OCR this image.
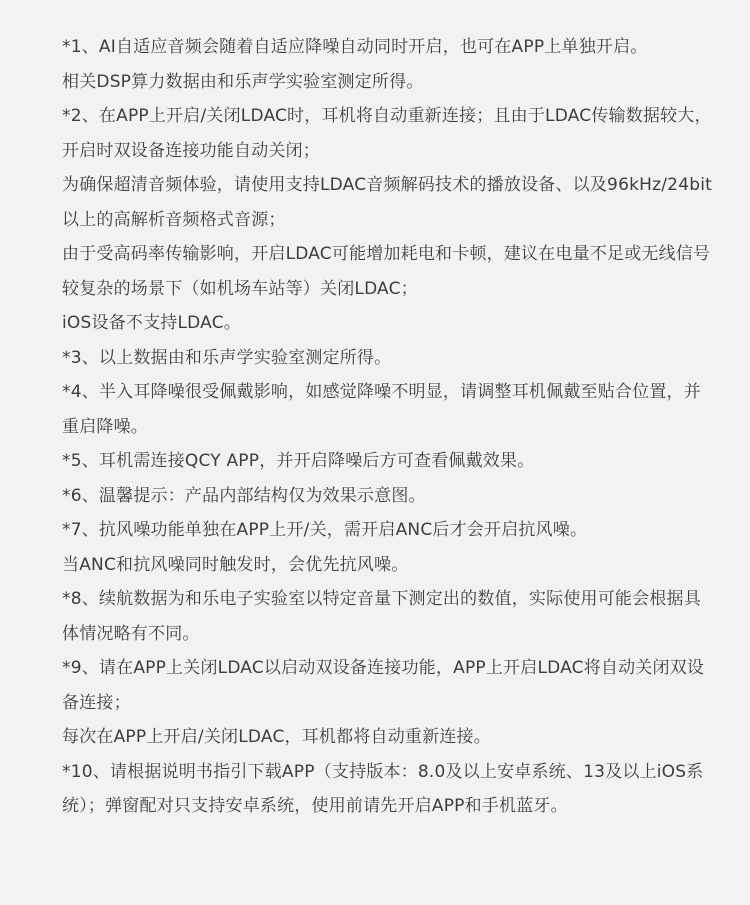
*1、AI自适应音频会随着自适应降噪自动同时开启，也可在APP上单独开启。

相关DSP算力数据由和乐声学实验室测定所得。

*2、在APP上开启/关闭LDAC时，耳机将自动重新连接；且由于LDAC传输数据较大，开启时双设备连接功能自动关闭；

为确保超清音频体验，请使用支持LDAC音频解码技术的播放设备、以及96kHz/24bit以上的高解析音频格式音源；

由于受高码率传输影响，开启LDAC可能增加耗电和卡顿，建议在电量不足或无线信号较复杂的场景下（如机场车站等）关闭LDAC；

iOS设备不支持LDAC。

*3、以上数据由和乐声学实验室测定所得。

*4、半入耳降噪很受佩戴影响，如感觉降噪不明显，请调整耳机佩戴至贴合位置，并重启降噪。

*5、耳机需连接QCY APP，并开启降噪后方可查看佩戴效果。

*6、温馨提示：产品内部结构仅为效果示意图。

*7、抗风噪功能单独在APP上开/关，需开启ANC后才会开启抗风噪。

当ANC和抗风噪同时触发时，会优先抗风噪。

*8、续航数据为和乐电子实验室以特定音量下测定出的数值，实际使用可能会根据具体情况略有不同。

*9、请在APP上关闭LDAC以启动双设备连接功能，APP上开启LDAC将自动关闭双设备连接；

每次在APP上开启/关闭LDAC，耳机都将自动重新连接。

*10、请根据说明书指引下载APP（支持版本：8.0及以上安卓系统、13及以上iOS系统）；弹窗配对只支持安卓系统，使用前请先开启APP和手机蓝牙。
